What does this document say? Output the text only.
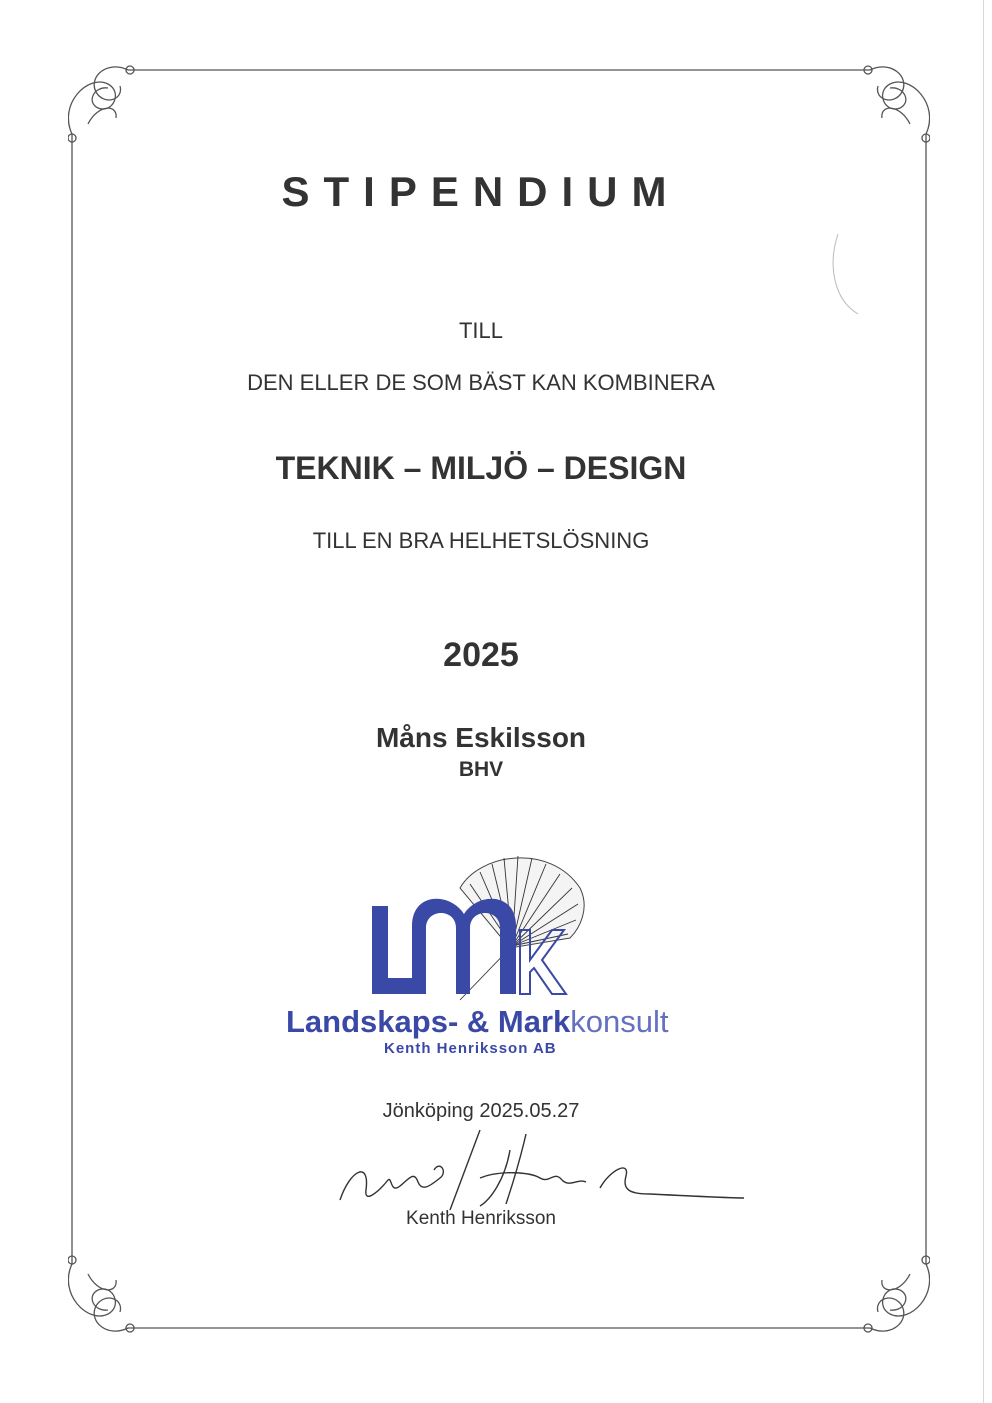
STIPENDIUM
TILL
DEN ELLER DE SOM BÄST KAN KOMBINERA
TEKNIK – MILJÖ – DESIGN
TILL EN BRA HELHETSLÖSNING
2025
Måns Eskilsson
BHV
Landskaps- & Markkonsult
Kenth Henriksson AB
Jönköping 2025.05.27
Kenth Henriksson
